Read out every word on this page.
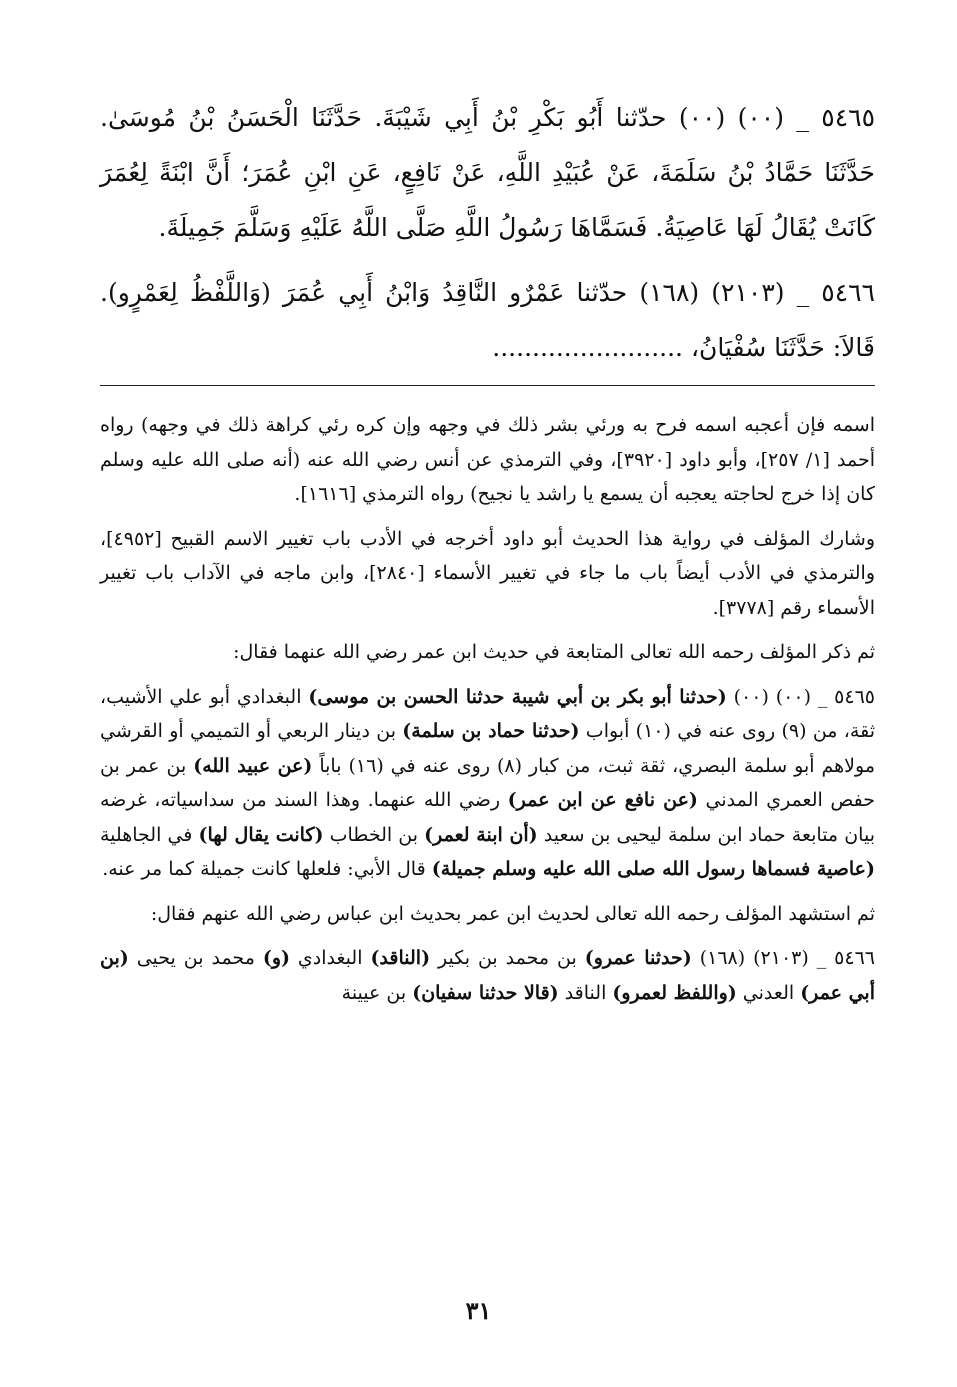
٥٤٦٥ _ (٠٠) (٠٠) حدّثنا أَبُو بَكْرِ بْنُ أَبِي شَيْبَةَ. حَدَّثَنَا الْحَسَنُ بْنُ مُوسَىٰ. حَدَّثَنَا حَمَّادُ بْنُ سَلَمَةَ، عَنْ عُبَيْدِ اللَّهِ، عَنْ نَافِعٍ، عَنِ ابْنِ عُمَرَ؛ أَنَّ ابْنَةً لِعُمَرَ كَانَتْ يُقَالُ لَهَا عَاصِيَةُ. فَسَمَّاهَا رَسُولُ اللَّهِ صَلَّى اللَّهُ عَلَيْهِ وَسَلَّمَ جَمِيلَةَ.

٥٤٦٦ _ (٢١٠٣) (١٦٨) حدّثنا عَمْرٌو النَّاقِدُ وَابْنُ أَبِي عُمَرَ (وَاللَّفْظُ لِعَمْرٍو). قَالاَ: حَدَّثَنَا سُفْيَانُ، ........................

اسمه فإن أعجبه اسمه فرح به ورئي بشر ذلك في وجهه وإن كره رئي كراهة ذلك في وجهه) رواه أحمد [١/ ٢٥٧]، وأبو داود [٣٩٢٠]، وفي الترمذي عن أنس رضي الله عنه (أنه صلى الله عليه وسلم كان إذا خرج لحاجته يعجبه أن يسمع يا راشد يا نجيح) رواه الترمذي [١٦١٦].

وشارك المؤلف في رواية هذا الحديث أبو داود أخرجه في الأدب باب تغيير الاسم القبيح [٤٩٥٢]، والترمذي في الأدب أيضاً باب ما جاء في تغيير الأسماء [٢٨٤٠]، وابن ماجه في الآداب باب تغيير الأسماء رقم [٣٧٧٨].

ثم ذكر المؤلف رحمه الله تعالى المتابعة في حديث ابن عمر رضي الله عنهما فقال:

٥٤٦٥ _ (٠٠) (٠٠) (حدثنا أبو بكر بن أبي شيبة حدثنا الحسن بن موسى) البغدادي أبو علي الأشيب، ثقة، من (٩) روى عنه في (١٠) أبواب (حدثنا حماد بن سلمة) بن دينار الربعي أو التميمي أو القرشي مولاهم أبو سلمة البصري، ثقة ثبت، من كبار (٨) روى عنه في (١٦) باباً (عن عبيد الله) بن عمر بن حفص العمري المدني (عن نافع عن ابن عمر) رضي الله عنهما. وهذا السند من سداسياته، غرضه بيان متابعة حماد ابن سلمة ليحيى بن سعيد (أن ابنة لعمر) بن الخطاب (كانت يقال لها) في الجاهلية (عاصية فسماها رسول الله صلى الله عليه وسلم جميلة) قال الأبي: فلعلها كانت جميلة كما مر عنه.

ثم استشهد المؤلف رحمه الله تعالى لحديث ابن عمر بحديث ابن عباس رضي الله عنهم فقال:

٥٤٦٦ _ (٢١٠٣) (١٦٨) (حدثنا عمرو) بن محمد بن بكير (الناقد) البغدادي (و) محمد بن يحيى (بن أبي عمر) العدني (واللفظ لعمرو) الناقد (قالا حدثنا سفيان) بن عيينة

٣١
